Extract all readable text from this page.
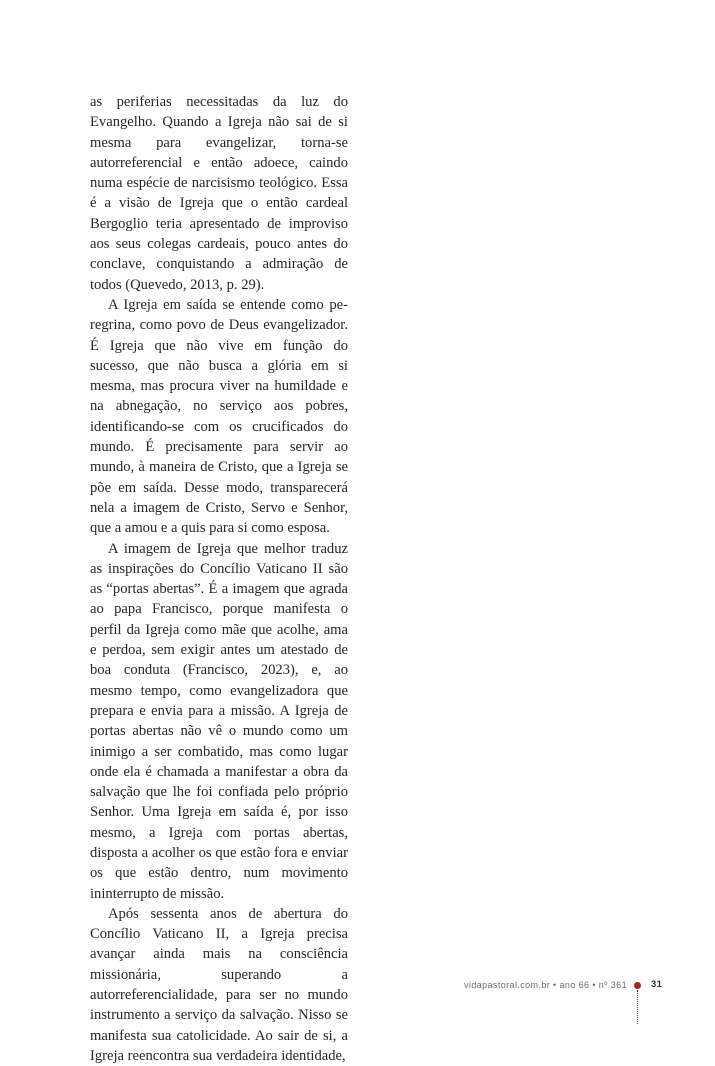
as periferias necessitadas da luz do Evangelho. Quando a Igreja não sai de si mesma para evangelizar, torna-se autorreferencial e então adoece, caindo numa espécie de narcisismo teológico. Essa é a visão de Igreja que o então cardeal Bergoglio teria apresentado de improviso aos seus colegas cardeais, pouco antes do conclave, conquistando a admiração de todos (Quevedo, 2013, p. 29).

A Igreja em saída se entende como peregrina, como povo de Deus evangelizador. É Igreja que não vive em função do sucesso, que não busca a glória em si mesma, mas procura viver na humildade e na abnegação, no serviço aos pobres, identificando-se com os crucificados do mundo. É precisamente para servir ao mundo, à maneira de Cristo, que a Igreja se põe em saída. Desse modo, transparecerá nela a imagem de Cristo, Servo e Senhor, que a amou e a quis para si como esposa.

A imagem de Igreja que melhor traduz as inspirações do Concílio Vaticano II são as “portas abertas”. É a imagem que agrada ao papa Francisco, porque manifesta o perfil da Igreja como mãe que acolhe, ama e perdoa, sem exigir antes um atestado de boa conduta (Francisco, 2023), e, ao mesmo tempo, como evangelizadora que prepara e envia para a missão. A Igreja de portas abertas não vê o mundo como um inimigo a ser combatido, mas como lugar onde ela é chamada a manifestar a obra da salvação que lhe foi confiada pelo próprio Senhor. Uma Igreja em saída é, por isso mesmo, a Igreja com portas abertas, disposta a acolher os que estão fora e enviar os que estão dentro, num movimento ininterrupto de missão.

Após sessenta anos de abertura do Concílio Vaticano II, a Igreja precisa avançar ainda mais na consciência missionária, superando a autorreferencialidade, para ser no mundo instrumento a serviço da salvação. Nisso se manifesta sua catolicidade. Ao sair de si, a Igreja reencontra sua verdadeira identidade,

vidapastoral.com.br • ano 66 • nº 361	31
